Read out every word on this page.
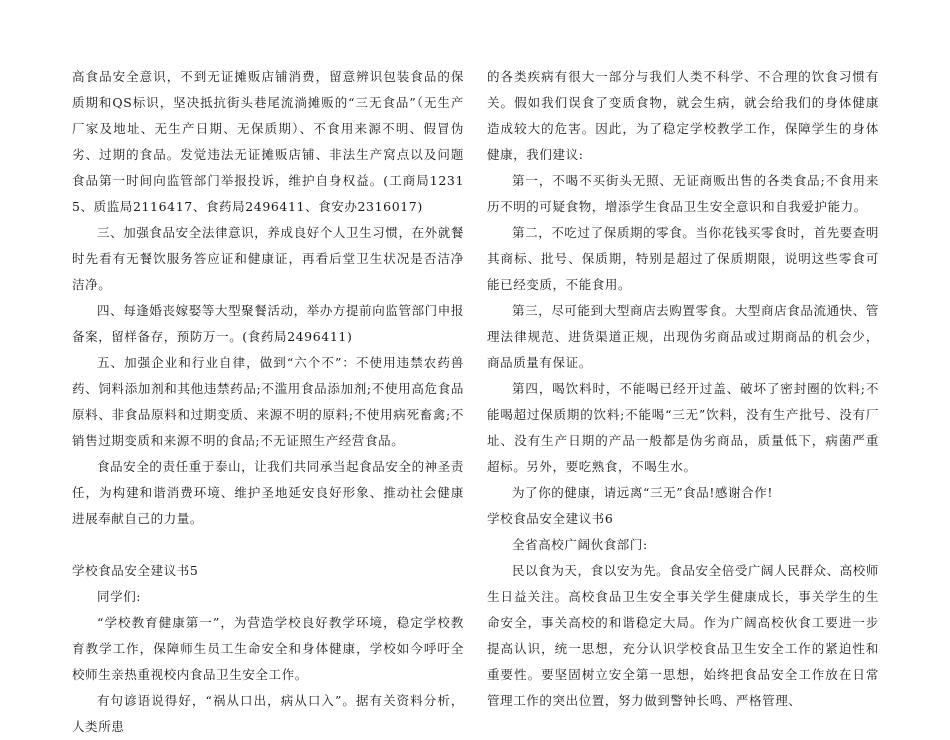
高食品安全意识，不到无证摊贩店铺消费，留意辨识包装食品的保质期和QS标识，坚决抵抗街头巷尾流淌摊贩的“三无食品”（无生产厂家及地址、无生产日期、无保质期）、不食用来源不明、假冒伪劣、过期的食品。发觉违法无证摊贩店铺、非法生产窝点以及问题食品第一时间向监管部门举报投诉，维护自身权益。(工商局12315、质监局2116417、食药局2496411、食安办2316017)

三、加强食品安全法律意识，养成良好个人卫生习惯，在外就餐时先看有无餐饮服务答应证和健康证，再看后堂卫生状况是否洁净洁净。

四、每逢婚丧嫁娶等大型聚餐活动，举办方提前向监管部门申报备案，留样备存，预防万一。(食药局2496411)

五、加强企业和行业自律，做到“六个不”：不使用违禁农药兽药、饲料添加剂和其他违禁药品;不滥用食品添加剂;不使用高危食品原料、非食品原料和过期变质、来源不明的原料;不使用病死畜禽;不销售过期变质和来源不明的食品;不无证照生产经营食品。

食品安全的责任重于泰山，让我们共同承当起食品安全的神圣责任，为构建和谐消费环境、维护圣地延安良好形象、推动社会健康进展奉献自己的力量。

学校食品安全建议书5

同学们:

“学校教育健康第一”，为营造学校良好教学环境，稳定学校教育教学工作，保障师生员工生命安全和身体健康，学校如今呼吁全校师生亲热重视校内食品卫生安全工作。

有句谚语说得好，“祸从口出，病从口入”。据有关资料分析，人类所患

的各类疾病有很大一部分与我们人类不科学、不合理的饮食习惯有关。假如我们误食了变质食物，就会生病，就会给我们的身体健康造成较大的危害。因此，为了稳定学校教学工作，保障学生的身体健康，我们建议:

第一，不喝不买街头无照、无证商贩出售的各类食品;不食用来历不明的可疑食物，增添学生食品卫生安全意识和自我爱护能力。

第二，不吃过了保质期的零食。当你花钱买零食时，首先要查明其商标、批号、保质期，特别是超过了保质期限，说明这些零食可能已经变质，不能食用。

第三，尽可能到大型商店去购置零食。大型商店食品流通快、管理法律规范、进货渠道正规，出现伪劣商品或过期商品的机会少，商品质量有保证。

第四，喝饮料时，不能喝已经开过盖、破坏了密封圈的饮料;不能喝超过保质期的饮料;不能喝“三无”饮料，没有生产批号、没有厂址、没有生产日期的产品一般都是伪劣商品，质量低下，病菌严重超标。另外，要吃熟食，不喝生水。

为了你的健康，请远离“三无”食品!感谢合作!

学校食品安全建议书6

全省高校广阔伙食部门:

民以食为天，食以安为先。食品安全倍受广阔人民群众、高校师生日益关注。高校食品卫生安全事关学生健康成长，事关学生的生命安全，事关高校的和谐稳定大局。作为广阔高校伙食工要进一步提高认识，统一思想，充分认识学校食品卫生安全工作的紧迫性和重要性。要坚固树立安全第一思想，始终把食品安全工作放在日常管理工作的突出位置，努力做到警钟长鸣、严格管理、
